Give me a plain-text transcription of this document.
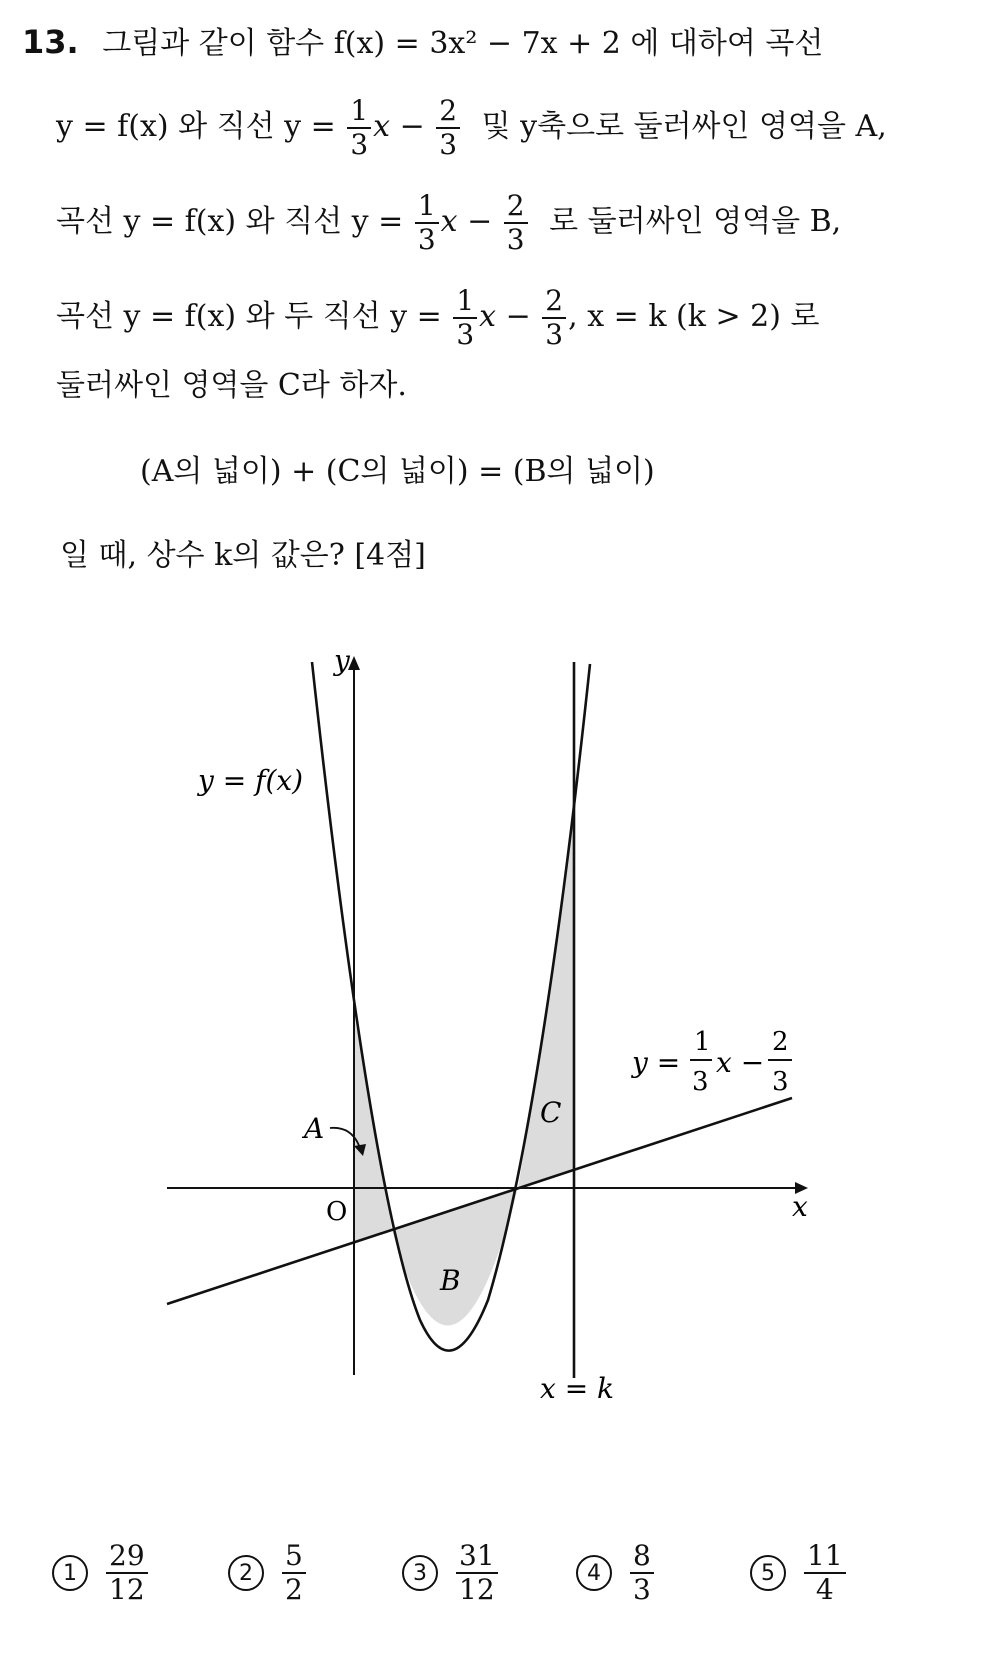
13. 그림과 같이 함수 f(x) = 3x² − 7x + 2 에 대하여 곡선
y = f(x) 와 직선 $y = \frac{1}{3}$ $x - \frac{2}{3}$ 및 y축으로 둘러싸인 영역을 A,
곡선 y = f(x) 와 직선 $y = \frac{1}{3}$ $x - \frac{2}{3}$ 로 둘러싸인 영역을 B,
곡선 y = f(x) 와 두 직선 $y = \frac{1}{3}$ $x - \frac{2}{3}$ , x = k (k > 2) 로
둘러싸인 영역을 C라 하자.
(A의 넓이) + (C의 넓이) = (B의 넓이)
일 때, 상수 k의 값은? [4점]
y
x
O
y = f(x)
y =
1
3
x −
2
3
A
B
C
x = k
1	$\frac{29}{12}$	2	$\frac{5}{2}$	3	$\frac{31}{12}$	4	$\frac{8}{3}$	5	$\frac{11}{4}$
